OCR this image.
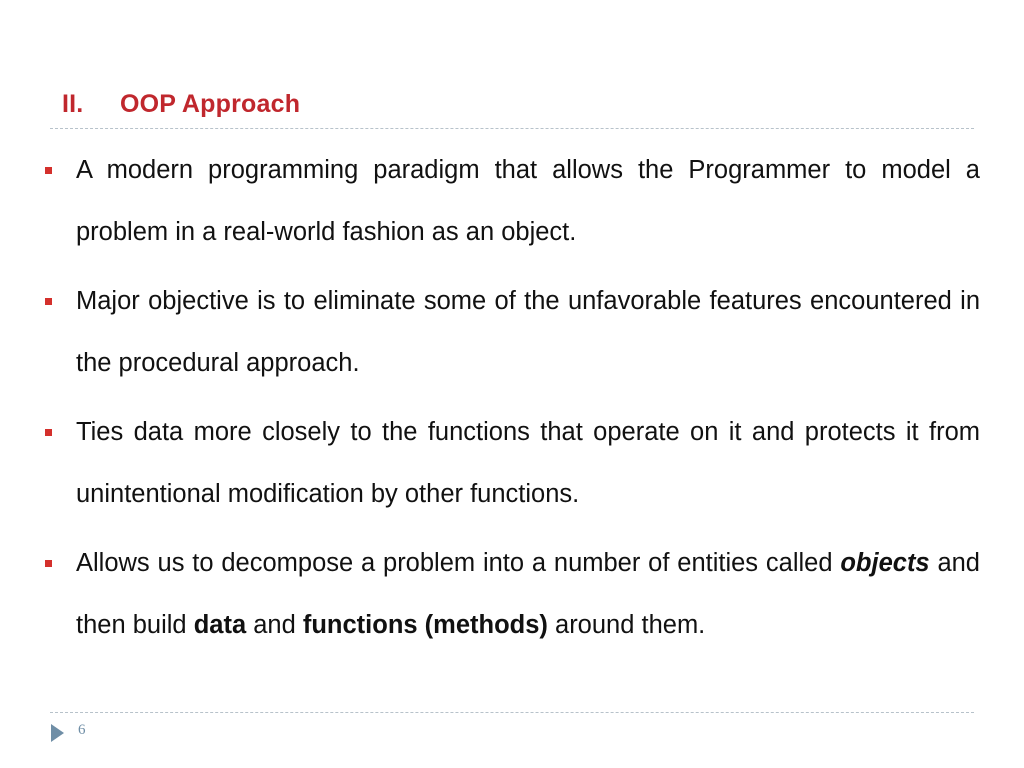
II. OOP Approach
A modern programming paradigm that allows the Programmer to model a problem in a real-world fashion as an object.
Major objective is to eliminate some of the unfavorable features encountered in the procedural approach.
Ties data more closely to the functions that operate on it and protects it from unintentional modification by other functions.
Allows us to decompose a problem into a number of entities called objects and then build data and functions (methods) around them.
6
